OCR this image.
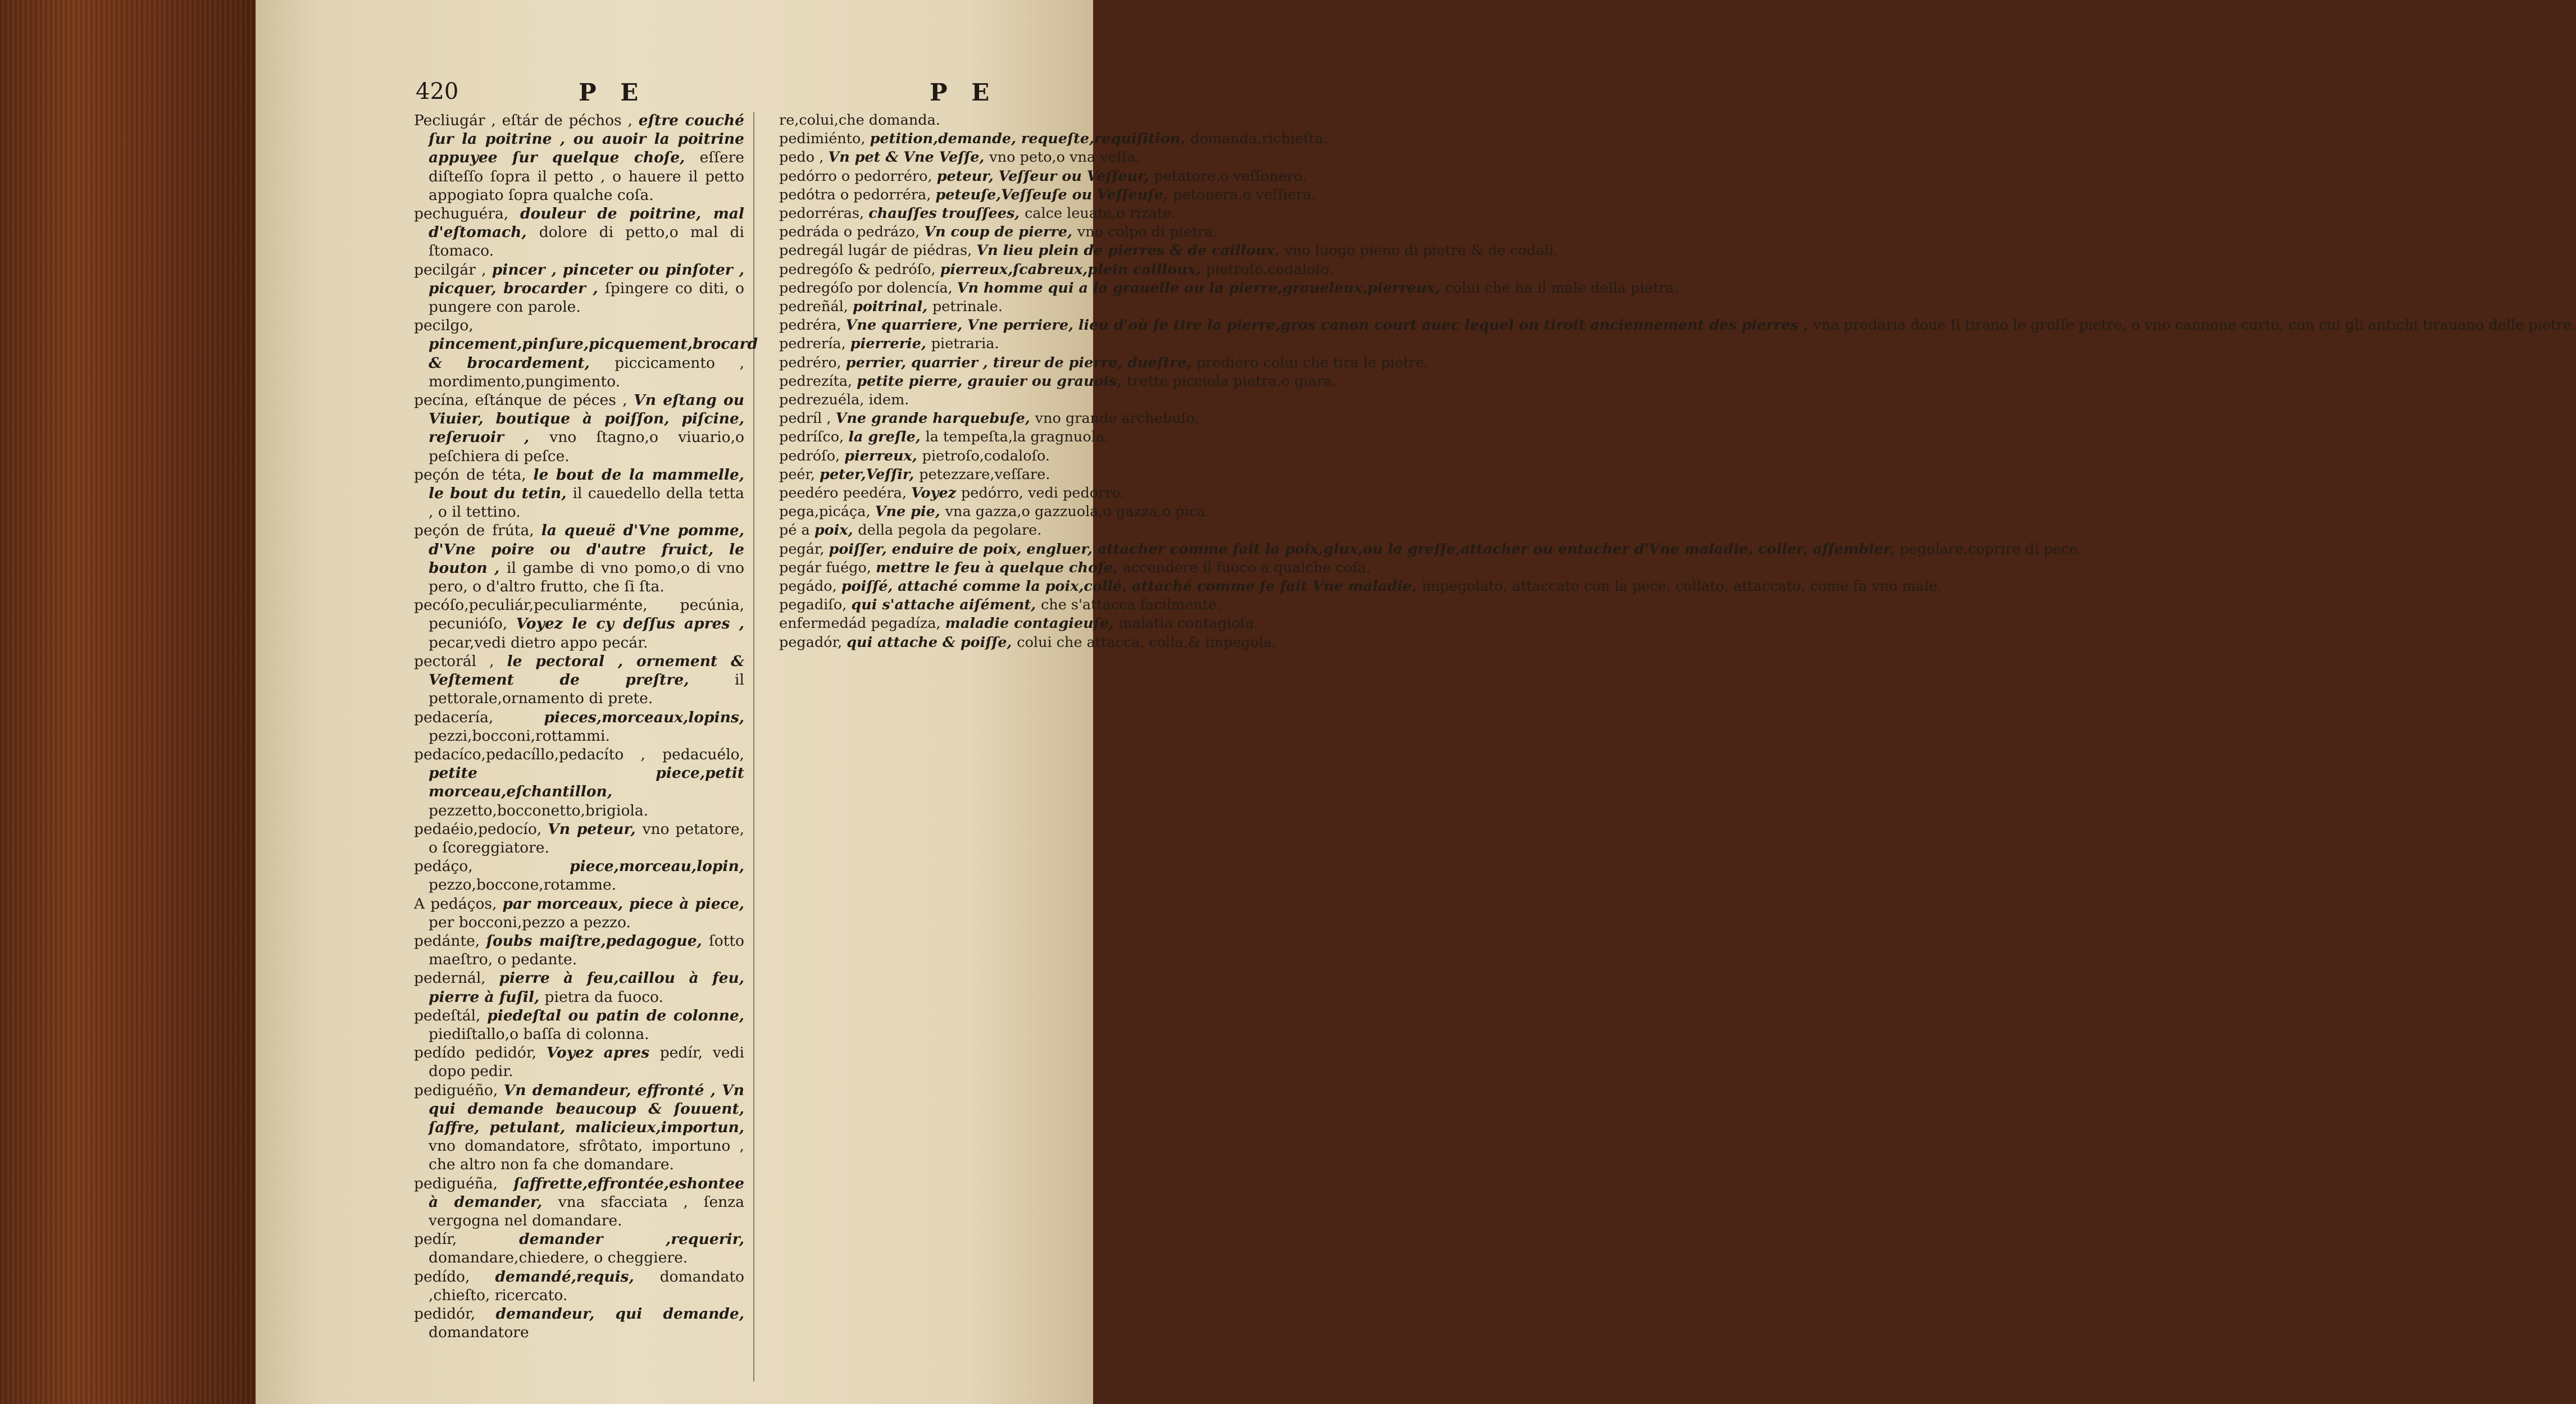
420	P E	P E

Pecliugár , eſtár de péchos , eſtre couché ſur la poitrine , ou auoir la poitrine appuyee ſur quelque choſe, eſſere diſteſſo ſopra il petto , o hauere il petto appogiato ſopra qualche coſa.

pechuguéra, douleur de poitrine, mal d'eſtomach, dolore di petto,o mal di ſtomaco.

pecilgár , pincer , pinceter ou pinſoter , picquer, brocarder , ſpingere co diti, o pungere con parole.

pecilgo, pincement,pinſure,picquement,brocard & brocardement, piccicamento , mordimento,pungimento.

pecína, eſtánque de péces , Vn eſtang ou Viuier, boutique à poiſſon, piſcine, reſeruoir , vno ſtagno,o viuario,o peſchiera di peſce.

peçón de téta, le bout de la mammelle, le bout du tetin, il cauedello della tetta , o il tettino.

peçón de frúta, la queuë d'Vne pomme, d'Vne poire ou d'autre fruict, le bouton , il gambe di vno pomo,o di vno pero, o d'altro frutto, che ſi ſta.

pecóſo,peculiár,peculiarménte, pecúnia, pecunióſo, Voyez le cy deſſus apres , pecar,vedi dietro appo pecár.

pectorál , le pectoral , ornement & Veſtement de preſtre, il pettorale,ornamento di prete.

pedacería, pieces,morceaux,lopins, pezzi,bocconi,rottammi.

pedacíco,pedacíllo,pedacíto , pedacuélo, petite piece,petit morceau,eſchantillon, pezzetto,bocconetto,brigiola.

pedaéio,pedocío, Vn peteur, vno petatore, o ſcoreggiatore.

pedáço, piece,morceau,lopin, pezzo,boccone,rotamme.

A pedáços, par morceaux, piece à piece, per bocconi,pezzo a pezzo.

pedánte, ſoubs maiſtre,pedagogue, ſotto maeſtro, o pedante.

pedernál, pierre à feu,caillou à feu, pierre à fuſil, pietra da fuoco.

pedeſtál, piedeſtal ou patin de colonne, piediſtallo,o baſſa di colonna.

pedído pedidór, Voyez apres pedír, vedi dopo pedir.

pediguéño, Vn demandeur, effronté , Vn qui demande beaucoup & ſouuent, ſaffre, petulant, malicieux,importun, vno domandatore, sfrôtato, importuno , che altro non fa che domandare.

pediguéña, ſaffrette,effrontée,eshontee à demander, vna sfacciata , ſenza vergogna nel domandare.

pedír, demander ,requerir, domandare,chiedere, o cheggiere.

pedído, demandé,requis, domandato ,chieſto, ricercato.

pedidór, demandeur, qui demande, domandatore

re,colui,che domanda.

pedimiénto, petition,demande, requeſte,requiſition, domanda,richieſta.

pedo , Vn pet & Vne Veſſe, vno peto,o vna veſſa.

pedórro o pedorréro, peteur, Veſſeur ou Veſſeur, petatore,o veſſonero.

pedótra o pedorréra, peteuſe,Veſſeuſe ou Veſſeuſe, petonera,o veſſiera.

pedorréras, chauſſes trouſſees, calce leuate,o rizate.

pedráda o pedrázo, Vn coup de pierre, vno colpo di pietra.

pedregál lugár de piédras, Vn lieu plein de pierres & de cailloux, vno luogo pieno di pietre & de codali.

pedregóſo & pedróſo, pierreux,ſcabreux,plein cailloux, pietroſo,codaloſo.

pedregóſo por dolencía, Vn homme qui a la grauelle ou la pierre,graueleux,pierreux, colui che ha il male della pietra.

pedreñál, poitrinal, petrinale.

pedréra, Vne quarriere, Vne perriere, lieu d'où ſe tire la pierre,gros canon court auec lequel on tiroit anciennement des pierres , vna predaria doue ſi tirano le groſſe pietre, o vno cannone curto, con cui gli antichi tirauano delle pietre.

pedrería, pierrerie, pietraria.

pedréro, perrier, quarrier , tireur de pierre, dueſtre, prediero colui che tira le pietre.

pedrezíta, petite pierre, grauier ou grauois, trette picciola pietra,o giara.

pedrezuéla, idem.

pedríl , Vne grande harquebuſe, vno grande archebuſo.

pedríſco, la greſle, la tempeſta,la gragnuola.

pedróſo, pierreux, pietroſo,codaloſo.

peér, peter,Veſſir, petezzare,veſſare.

peedéro peedéra, Voyez pedórro, vedi pedorro.

pega,picáça, Vne pie, vna gazza,o gazzuola,o gazza,o pica.

pé a poix, della pegola da pegolare.

pegár, poiſſer, enduire de poix, engluer, attacher comme fait la poix,glux,ou la greſſe,attacher ou entacher d'Vne maladie, coller, aſſembler, pegolare,coprire di pece.

pegár fuégo, mettre le feu à quelque choſe, accendere il fuoco a qualche coſa.

pegádo, poiſſé, attaché comme la poix,collé, attaché comme ſe fait Vne maladie, impegolato, attaccato con la pece, collato, attaccato, come fa vno male.

pegadiſo, qui s'attache aiſément, che s'attacca facilmente.

enfermedád pegadíza, maladie contagieuſe, malatia contagioſa.

pegadór, qui attache & poiſſe, colui che attacca, colla,& impegola.
